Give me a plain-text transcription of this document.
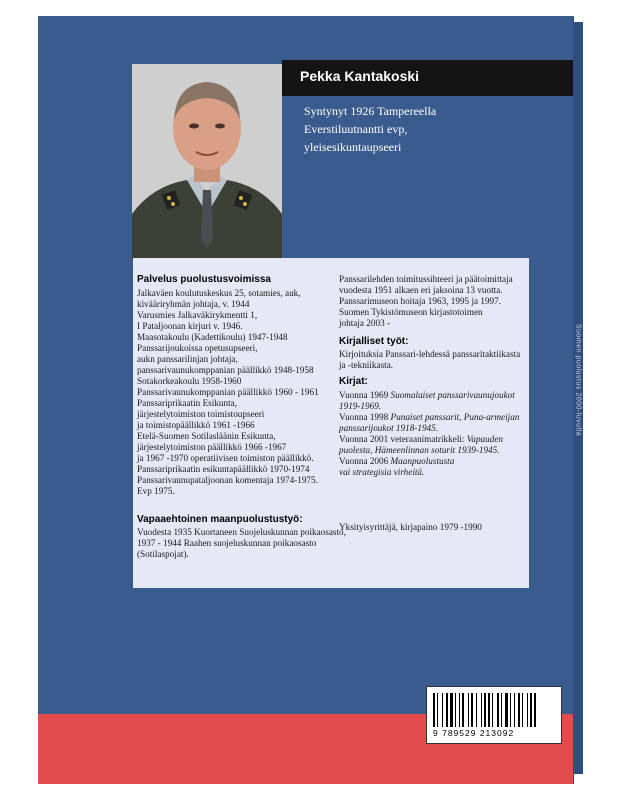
Suomen puolustus 2000-luvulla
Pekka Kantakoski
Syntynyt 1926 Tampereella
Everstiluutnantti evp,
yleisesikuntaupseeri
Palvelus puolustusvoimissa
Jalkaväen koulutuskeskus 25, sotamies, auk,
kivääriryhmän johtaja, v. 1944
Varusmies Jalkaväkirykmentti 1,
I Pataljoonan kirjuri v. 1946.
Maasotakoulu (Kadettikoulu) 1947-1948
Panssarijoukoissa opetusupseeri,
aukn panssarilinjan johtaja,
panssarivaunukomppanian päällikkö 1948-1958
Sotakorkeakoulu 1958-1960
Panssarivaunukomppanian päällikkö 1960 - 1961
Panssariprikaatin Esikunta,
järjestelytoimiston toimistoupseeri
ja toimistopäällikkö 1961 -1966
Etelä-Suomen Sotilasläänin Esikunta,
järjestelytoimiston päällikkö 1966 -1967
ja 1967 -1970 operatiivisen toimiston päällikkö.
Panssariprikaatin esikuntapäällikkö 1970-1974
Panssarivaunupataljoonan komentaja 1974-1975.
Evp 1975.
Vapaaehtoinen maanpuolustustyö:
Vuodesta 1935 Kuortaneen Suojeluskunnan poikaosasto,
1937 - 1944 Raahen suojeluskunnan poikaosasto
(Sotilaspojat).
Panssarilehden toimitussihteeri ja päätoimittaja
vuodesta 1951 alkaen eri jaksoina 13 vuotta.
Panssarimuseon hoitaja 1963, 1995 ja 1997.
Suomen Tykistömuseon kirjastotoimen
johtaja 2003 -
Kirjalliset työt:
Kirjoituksia Panssari-lehdessä panssaritaktiikasta
ja -tekniikasta.
Kirjat:
Vuonna 1969 Suomalaiset panssarivaunujoukot
1919-1969.
Vuonna 1998 Punaiset panssarit, Puna-armeijan
panssarijoukot 1918-1945.
Vuonna 2001 veteraanimatrikkeli: Vapauden
puolesta, Hämeenlinnan soturit 1939-1945.
Vuonna 2006 Maanpuolustusta
vai strategisia virheitä.
Yksityisyrittäjä, kirjapaino 1979 -1990
9 789529 213092
